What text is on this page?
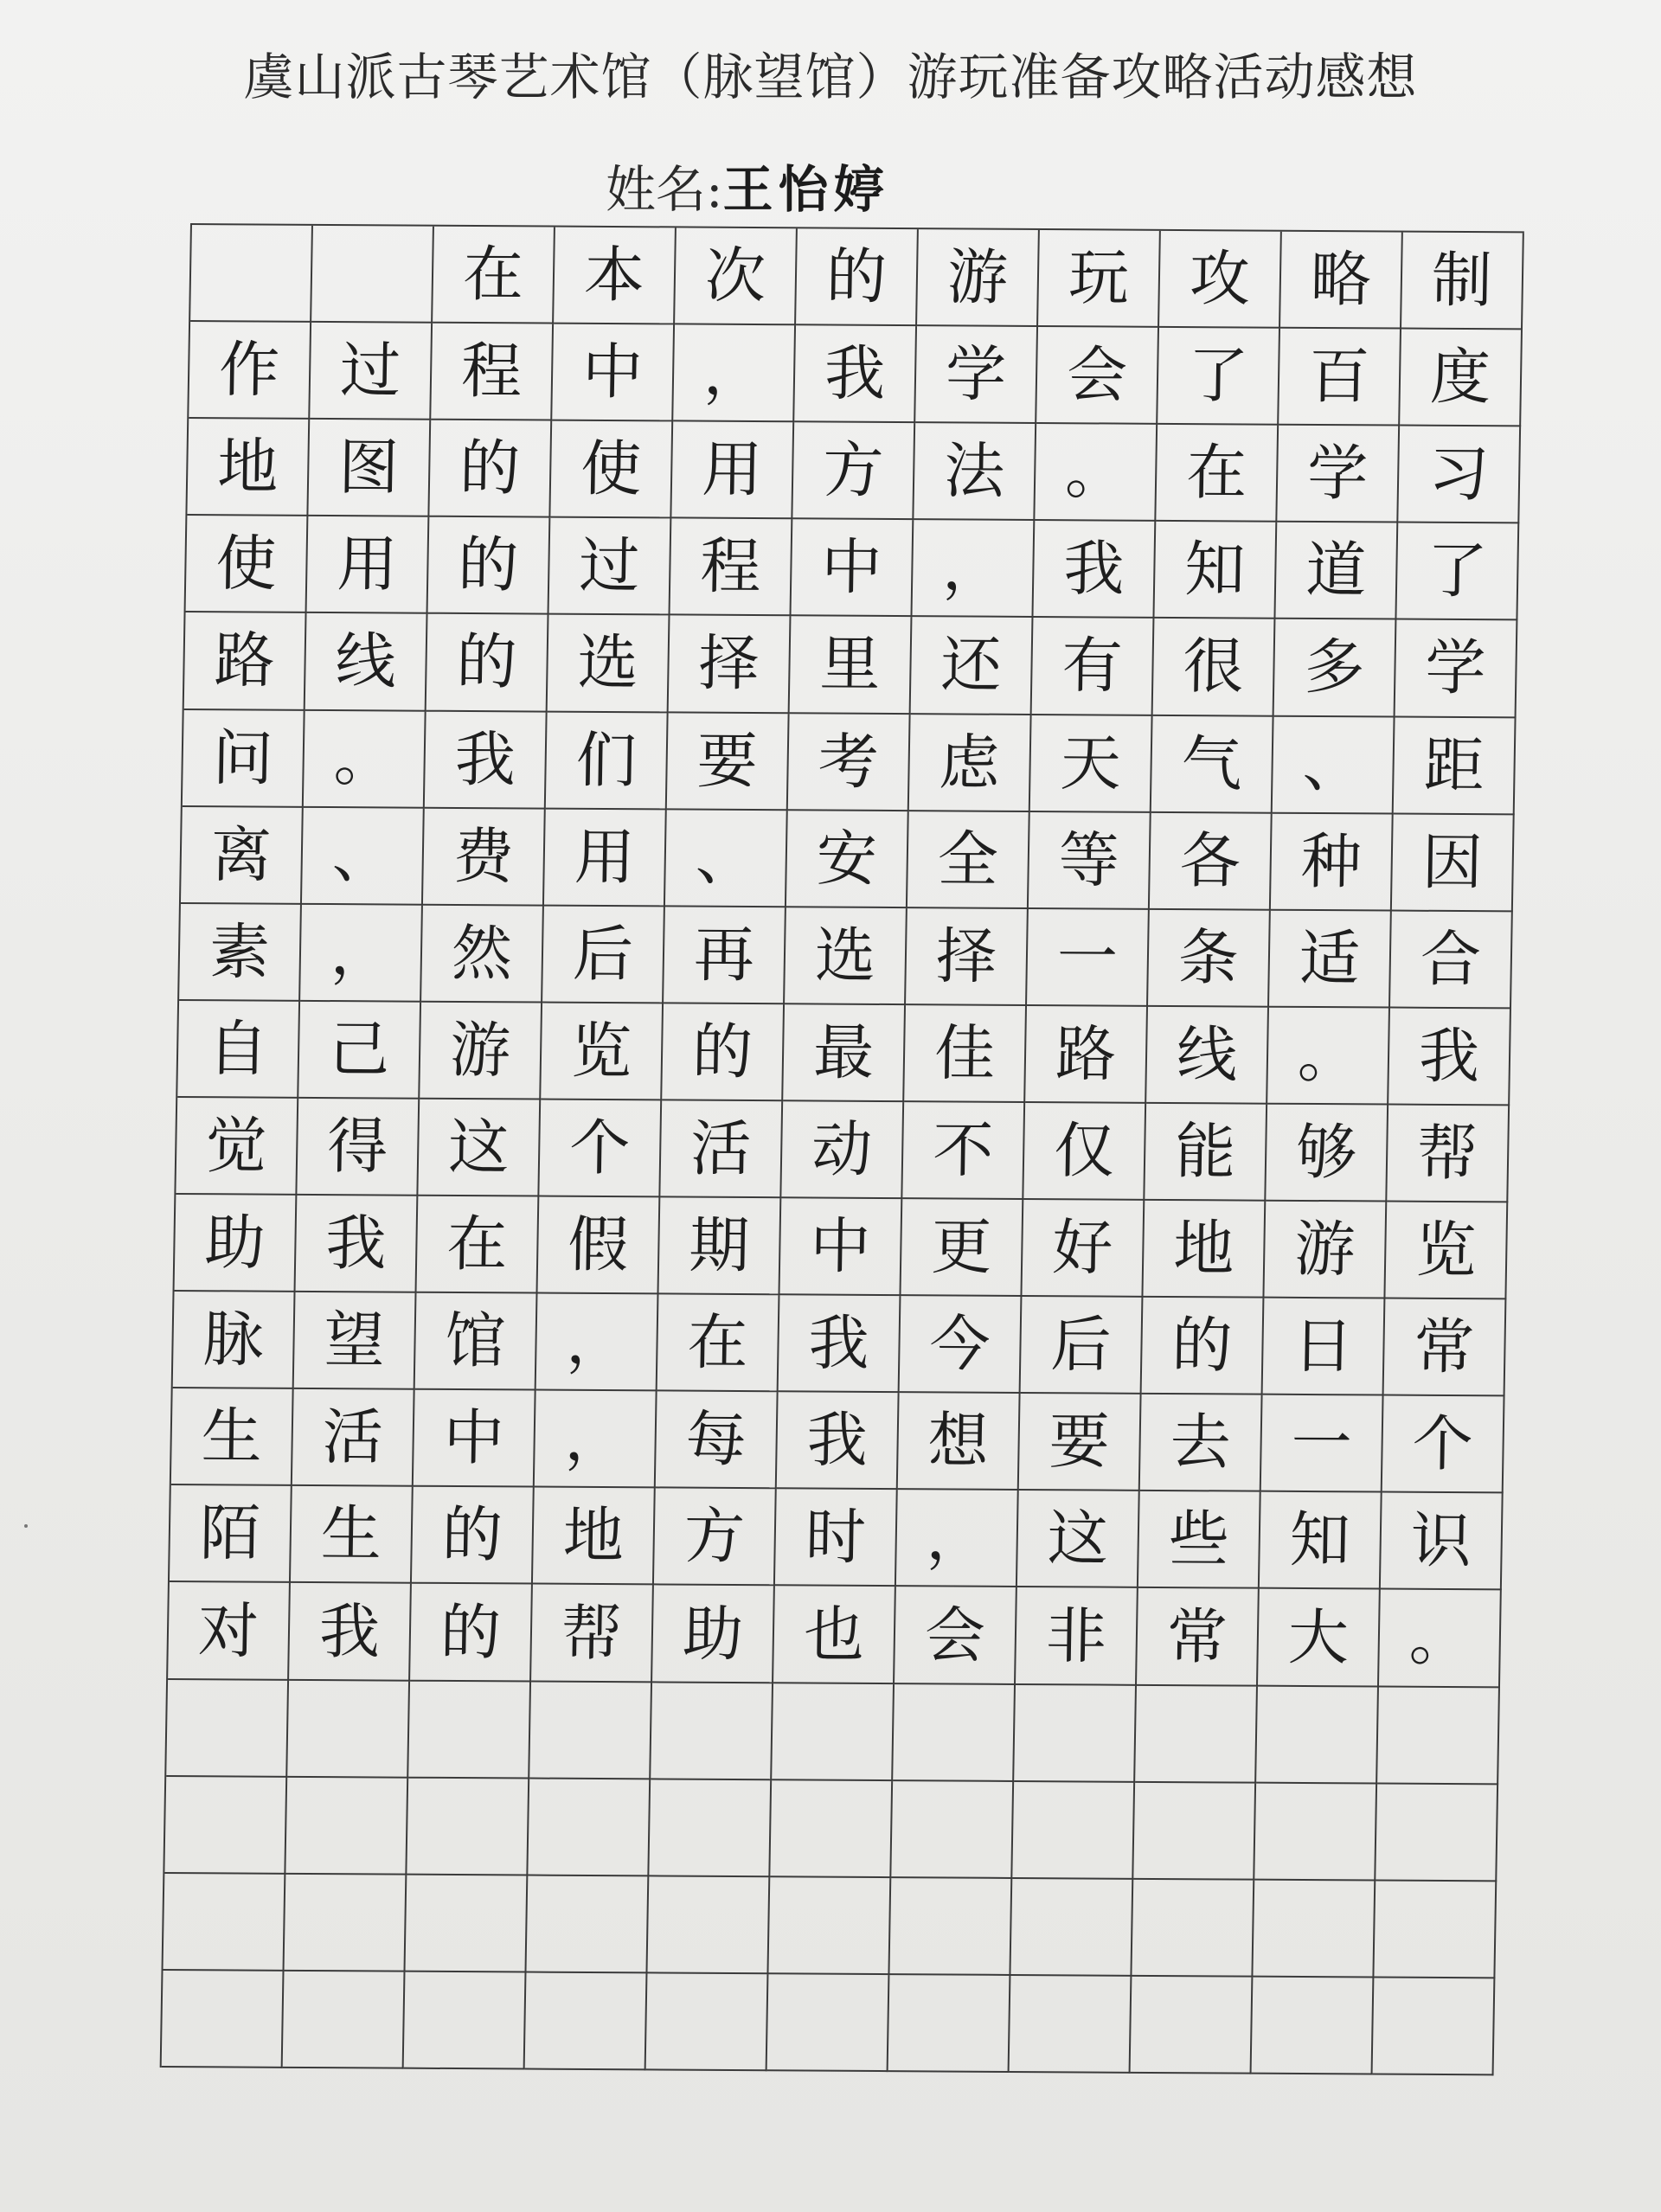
虞山派古琴艺术馆（脉望馆）游玩准备攻略活动感想
姓名:王怡婷
在 本 次 的 游 玩 攻 略 制
作 过 程 中 ， 我 学 会 了 百 度
地 图 的 使 用 方 法 。 在 学 习
使 用 的 过 程 中 ， 我 知 道 了
路 线 的 选 择 里 还 有 很 多 学
问 。 我 们 要 考 虑 天 气 、 距
离 、 费 用 、 安 全 等 各 种 因
素 ， 然 后 再 选 择 一 条 适 合
自 己 游 览 的 最 佳 路 线 。 我
觉 得 这 个 活 动 不 仅 能 够 帮
助 我 在 假 期 中 更 好 地 游 览
脉 望 馆 ， 在 我 今 后 的 日 常
生 活 中 ， 每 我 想 要 去 一 个
陌 生 的 地 方 时 ， 这 些 知 识
对 我 的 帮 助 也 会 非 常 大 。
